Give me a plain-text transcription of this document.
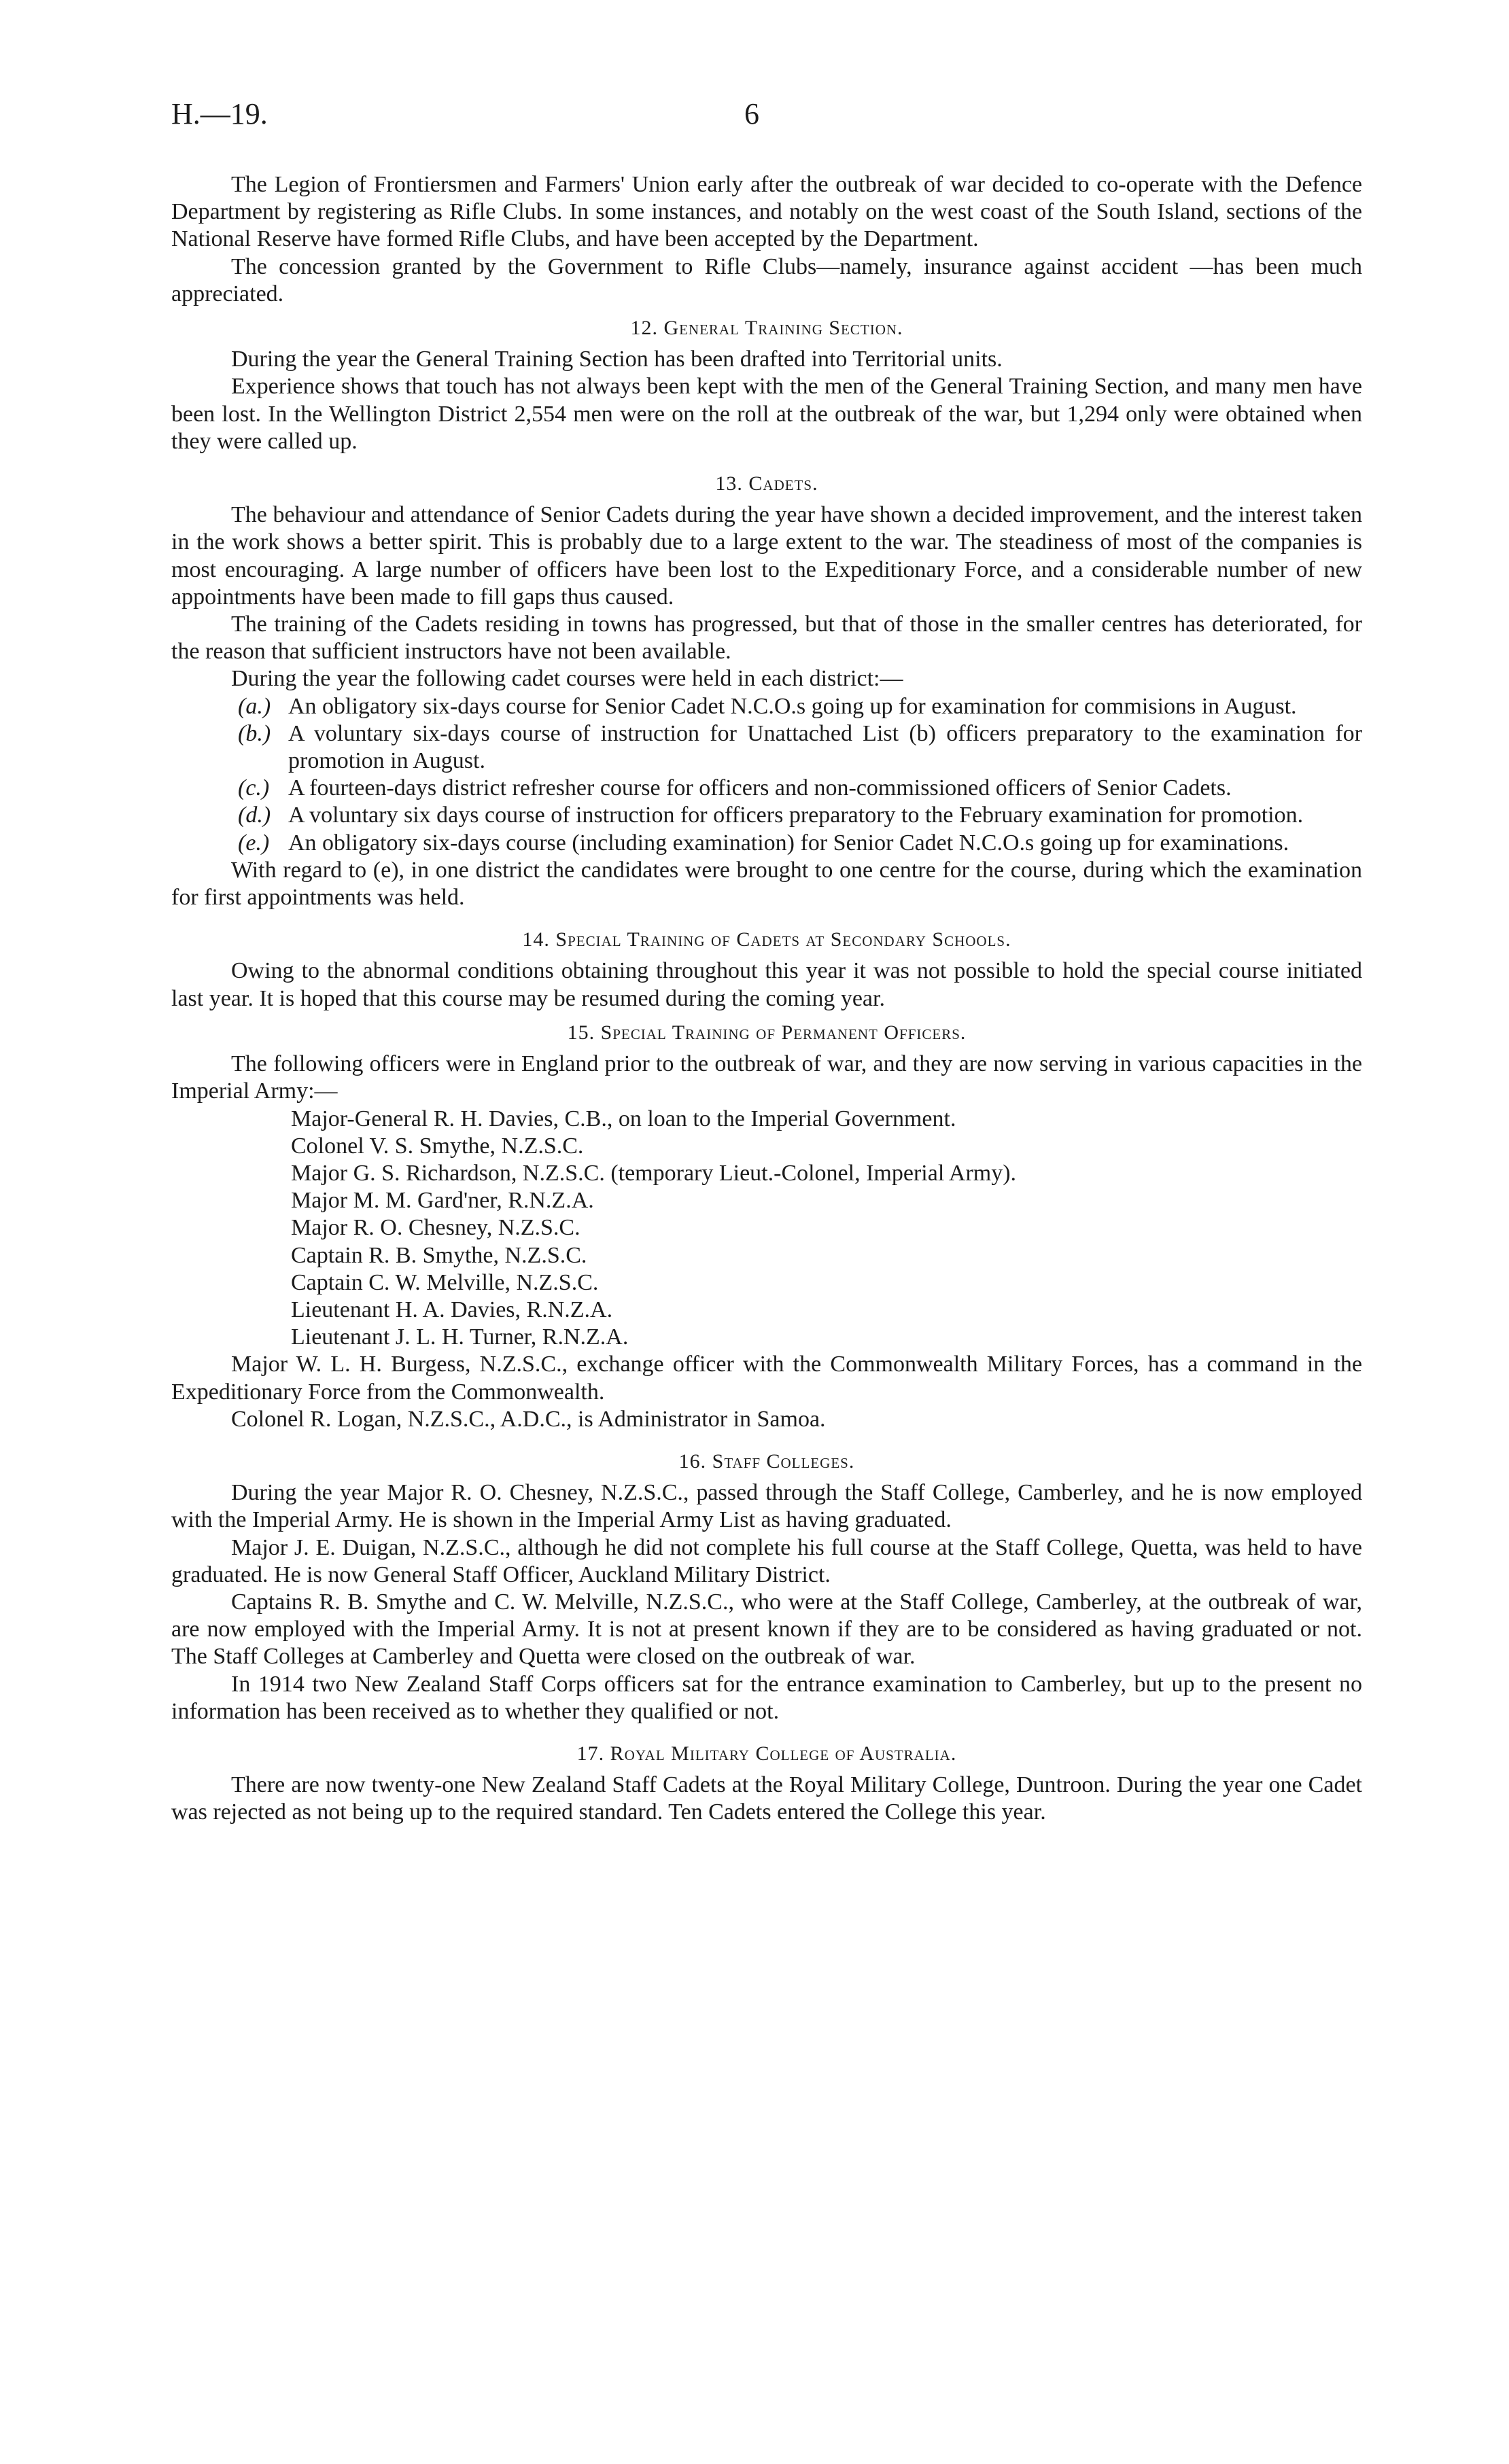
H.—19.	6

The Legion of Frontiersmen and Farmers' Union early after the outbreak of war decided to co-operate with the Defence Department by registering as Rifle Clubs. In some instances, and notably on the west coast of the South Island, sections of the National Reserve have formed Rifle Clubs, and have been accepted by the Department.

The concession granted by the Government to Rifle Clubs—namely, insurance against accident —has been much appreciated.

12. General Training Section.

During the year the General Training Section has been drafted into Territorial units.

Experience shows that touch has not always been kept with the men of the General Training Section, and many men have been lost. In the Wellington District 2,554 men were on the roll at the outbreak of the war, but 1,294 only were obtained when they were called up.

13. Cadets.

The behaviour and attendance of Senior Cadets during the year have shown a decided improvement, and the interest taken in the work shows a better spirit. This is probably due to a large extent to the war. The steadiness of most of the companies is most encouraging. A large number of officers have been lost to the Expeditionary Force, and a considerable number of new appointments have been made to fill gaps thus caused.

The training of the Cadets residing in towns has progressed, but that of those in the smaller centres has deteriorated, for the reason that sufficient instructors have not been available.

During the year the following cadet courses were held in each district:—

(a.) An obligatory six-days course for Senior Cadet N.C.O.s going up for examination for commisions in August.
(b.) A voluntary six-days course of instruction for Unattached List (b) officers preparatory to the examination for promotion in August.
(c.) A fourteen-days district refresher course for officers and non-commissioned officers of Senior Cadets.
(d.) A voluntary six days course of instruction for officers preparatory to the February examination for promotion.
(e.) An obligatory six-days course (including examination) for Senior Cadet N.C.O.s going up for examinations.

With regard to (e), in one district the candidates were brought to one centre for the course, during which the examination for first appointments was held.

14. Special Training of Cadets at Secondary Schools.

Owing to the abnormal conditions obtaining throughout this year it was not possible to hold the special course initiated last year. It is hoped that this course may be resumed during the coming year.

15. Special Training of Permanent Officers.

The following officers were in England prior to the outbreak of war, and they are now serving in various capacities in the Imperial Army:—

Major-General R. H. Davies, C.B., on loan to the Imperial Government.
Colonel V. S. Smythe, N.Z.S.C.
Major G. S. Richardson, N.Z.S.C. (temporary Lieut.-Colonel, Imperial Army).
Major M. M. Gard'ner, R.N.Z.A.
Major R. O. Chesney, N.Z.S.C.
Captain R. B. Smythe, N.Z.S.C.
Captain C. W. Melville, N.Z.S.C.
Lieutenant H. A. Davies, R.N.Z.A.
Lieutenant J. L. H. Turner, R.N.Z.A.

Major W. L. H. Burgess, N.Z.S.C., exchange officer with the Commonwealth Military Forces, has a command in the Expeditionary Force from the Commonwealth.

Colonel R. Logan, N.Z.S.C., A.D.C., is Administrator in Samoa.

16. Staff Colleges.

During the year Major R. O. Chesney, N.Z.S.C., passed through the Staff College, Camberley, and he is now employed with the Imperial Army. He is shown in the Imperial Army List as having graduated.

Major J. E. Duigan, N.Z.S.C., although he did not complete his full course at the Staff College, Quetta, was held to have graduated. He is now General Staff Officer, Auckland Military District.

Captains R. B. Smythe and C. W. Melville, N.Z.S.C., who were at the Staff College, Camberley, at the outbreak of war, are now employed with the Imperial Army. It is not at present known if they are to be considered as having graduated or not. The Staff Colleges at Camberley and Quetta were closed on the outbreak of war.

In 1914 two New Zealand Staff Corps officers sat for the entrance examination to Camberley, but up to the present no information has been received as to whether they qualified or not.

17. Royal Military College of Australia.

There are now twenty-one New Zealand Staff Cadets at the Royal Military College, Duntroon. During the year one Cadet was rejected as not being up to the required standard. Ten Cadets entered the College this year.
